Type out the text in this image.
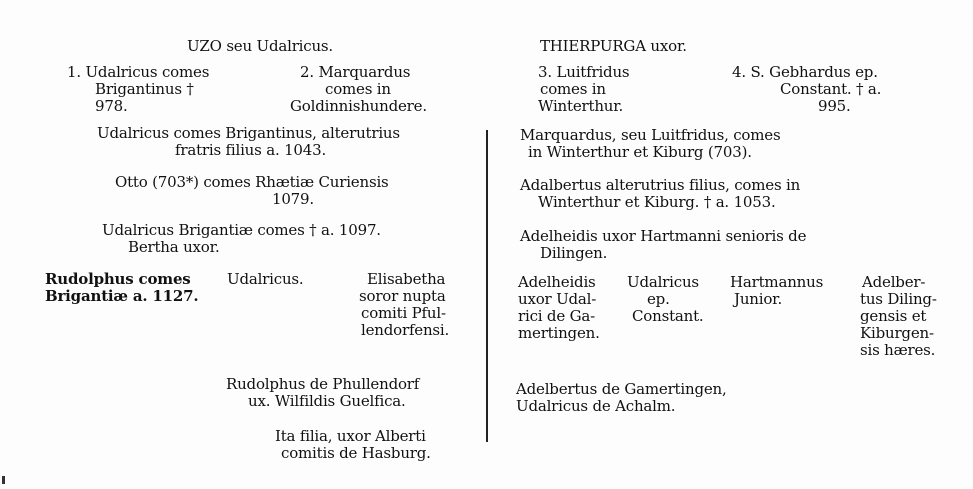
UZO seu Udalricus.
1. Udalricus comes
Brigantinus †
978.
2. Marquardus
comes in
Goldinnishundere.
Udalricus comes Brigantinus, alterutrius
fratris filius a. 1043.
Otto (703*) comes Rhætiæ Curiensis
1079.
Udalricus Brigantiæ comes † a. 1097.
Bertha uxor.
Rudolphus comes
Brigantiæ a. 1127.
Udalricus.	Elisabetha
soror nupta
comiti Pful-
lendorfensi.
Rudolphus de Phullendorf
ux. Wilfildis Guelfica.
Ita filia, uxor Alberti
comitis de Hasburg.
THIERPURGA uxor.
3. Luitfridus
comes in
Winterthur.
4. S. Gebhardus ep.
Constant. † a.
995.
Marquardus, seu Luitfridus, comes
in Winterthur et Kiburg (703).
Adalbertus alterutrius filius, comes in
Winterthur et Kiburg. † a. 1053.
Adelheidis uxor Hartmanni senioris de
Dilingen.
Adelheidis
uxor Udal-
rici de Ga-
mertingen.
Udalricus
ep.
Constant.
Hartmannus
Junior.
Adelber-
tus Diling-
gensis et
Kiburgen-
sis hæres.
Adelbertus de Gamertingen,
Udalricus de Achalm.
